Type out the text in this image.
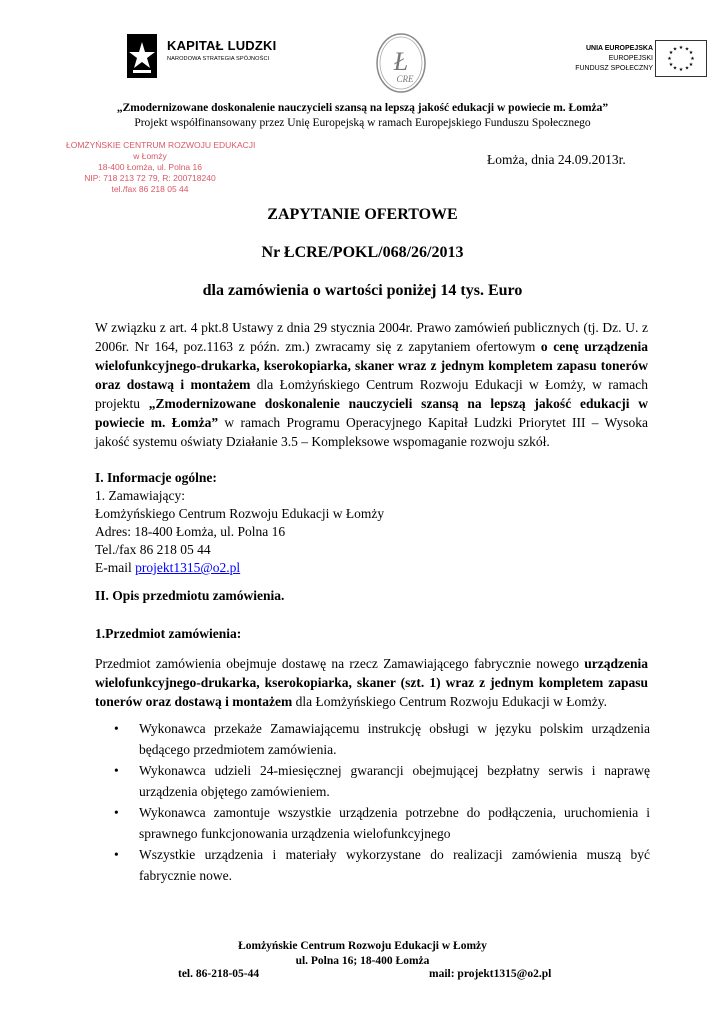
KAPITAŁ LUDZKI
NARODOWA STRATEGIA SPÓJNOŚCI	Ł
CRE
UNIA EUROPEJSKA
EUROPEJSKI
FUNDUSZ SPOŁECZNY
★ ★
★
★
★
★
★
★
★
★
★
★
„Zmodernizowane doskonalenie nauczycieli szansą na lepszą jakość edukacji w powiecie m. Łomża”
Projekt współfinansowany przez Unię Europejską w ramach Europejskiego Funduszu Społecznego
ŁOMŻYŃSKIE CENTRUM ROZWOJU EDUKACJI
w Łomży
18-400 Łomża, ul. Polna 16
NIP: 718 213 72 79, R: 200718240
tel./fax 86 218 05 44
Łomża, dnia 24.09.2013r.
ZAPYTANIE OFERTOWE
Nr ŁCRE/POKL/068/26/2013
dla zamówienia o wartości poniżej 14 tys. Euro
W związku z art. 4 pkt.8 Ustawy z dnia 29 stycznia 2004r. Prawo zamówień publicznych (tj. Dz. U. z 2006r. Nr 164, poz.1163 z późn. zm.) zwracamy się z zapytaniem ofertowym o cenę urządzenia wielofunkcyjnego-drukarka, kserokopiarka, skaner wraz z jednym kompletem zapasu tonerów oraz dostawą i montażem dla Łomżyńskiego Centrum Rozwoju Edukacji w Łomży, w ramach projektu „Zmodernizowane doskonalenie nauczycieli szansą na lepszą jakość edukacji w powiecie m. Łomża” w ramach Programu Operacyjnego Kapitał Ludzki Priorytet III – Wysoka jakość systemu oświaty Działanie 3.5 – Kompleksowe wspomaganie rozwoju szkół.
I. Informacje ogólne:
1. Zamawiający:
Łomżyńskiego Centrum Rozwoju Edukacji w Łomży
Adres: 18-400 Łomża, ul. Polna 16
Tel./fax 86 218 05 44
E-mail projekt1315@o2.pl
II. Opis przedmiotu zamówienia.
1.Przedmiot zamówienia:
Przedmiot zamówienia obejmuje dostawę na rzecz Zamawiającego fabrycznie nowego urządzenia wielofunkcyjnego-drukarka, kserokopiarka, skaner (szt. 1) wraz z jednym kompletem zapasu tonerów oraz dostawą i montażem dla Łomżyńskiego Centrum Rozwoju Edukacji w Łomży.
• Wykonawca przekaże Zamawiającemu instrukcję obsługi w języku polskim urządzenia będącego przedmiotem zamówienia.
• Wykonawca udzieli 24-miesięcznej gwarancji obejmującej bezpłatny serwis i naprawę urządzenia objętego zamówieniem.
• Wykonawca zamontuje wszystkie urządzenia potrzebne do podłączenia, uruchomienia i sprawnego funkcjonowania urządzenia wielofunkcyjnego
• Wszystkie urządzenia i materiały wykorzystane do realizacji zamówienia muszą być fabrycznie nowe.
Łomżyńskie Centrum Rozwoju Edukacji w Łomży
ul. Polna 16; 18-400 Łomża
tel. 86-218-05-44	mail: projekt1315@o2.pl
